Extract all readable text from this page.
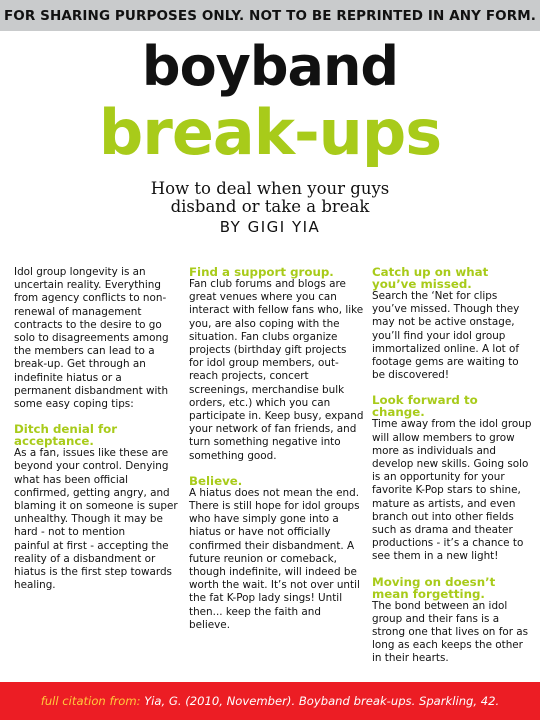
FOR SHARING PURPOSES ONLY. NOT TO BE REPRINTED IN ANY FORM.
boyband
break-ups
How to deal when your guys
disband or take a break
BY GIGI YIA

Idol group longevity is an uncertain reality. Everything from agency conflicts to non-renewal of management contracts to the desire to go solo to disagreements among the members can lead to a break-up. Get through an indefinite hiatus or a permanent disbandment with some easy coping tips:

Ditch denial for acceptance.

As a fan, issues like these are beyond your control. Denying what has been official confirmed, getting angry, and blaming it on someone is super unhealthy. Though it may be hard - not to mention

painful at first - accepting the reality of a disbandment or hiatus is the first step towards healing.

Find a support group.

Fan club forums and blogs are great venues where you can interact with fellow fans who, like you, are also coping with the situation. Fan clubs organize projects (birthday gift projects for idol group members, out-reach projects, concert screenings, merchandise bulk orders, etc.) which you can participate in. Keep busy, expand your network of fan friends, and turn something negative into something good.

Believe.

A hiatus does not mean the end. There is still hope for idol groups who have simply gone into a hiatus or have not officially confirmed their disbandment. A future reunion or comeback, though indefinite, will indeed be worth the wait. It’s not over until the fat K-Pop lady sings! Until then... keep the faith and believe.

Catch up on what you’ve missed.

Search the ‘Net for clips you’ve missed. Though they may not be active onstage, you’ll find your idol group immortalized online. A lot of footage gems are waiting to be discovered!

Look forward to change.

Time away from the idol group will allow members to grow more as individuals and develop new skills. Going solo is an opportunity for your favorite K-Pop stars to shine, mature as artists, and even branch out into other fields such as drama and theater productions - it’s a chance to see them in a new light!

Moving on doesn’t mean forgetting.

The bond between an idol group and their fans is a strong one that lives on for as long as each keeps the other in their hearts.

full citation from: Yia, G. (2010, November). Boyband break-ups. Sparkling, 42.
